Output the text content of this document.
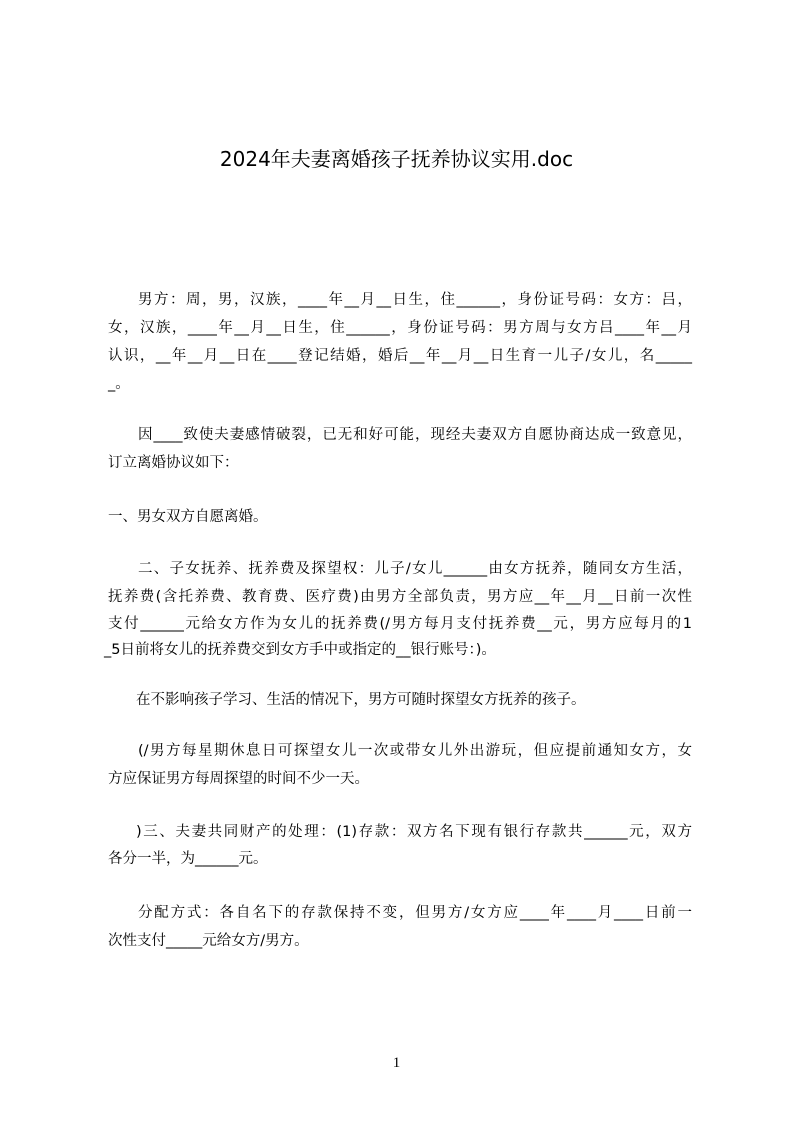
2024年夫妻离婚孩子抚养协议实用.doc
男方：周，男，汉族，____年__月__日生，住______，身份证号码：女方：吕，
女，汉族，____年__月__日生，住______，身份证号码：男方周与女方吕____年__月
认识，__年__月__日在____登记结婚，婚后__年__月__日生育一儿子/女儿，名_____
_。
因____致使夫妻感情破裂，已无和好可能，现经夫妻双方自愿协商达成一致意见，
订立离婚协议如下：
一、男女双方自愿离婚。
二、子女抚养、抚养费及探望权：儿子/女儿______由女方抚养，随同女方生活，
抚养费(含托养费、教育费、医疗费)由男方全部负责，男方应__年__月__日前一次性
支付______元给女方作为女儿的抚养费(/男方每月支付抚养费__元，男方应每月的1
_5日前将女儿的抚养费交到女方手中或指定的__银行账号：)。
在不影响孩子学习、生活的情况下，男方可随时探望女方抚养的孩子。
(/男方每星期休息日可探望女儿一次或带女儿外出游玩，但应提前通知女方，女
方应保证男方每周探望的时间不少一天。
)三、夫妻共同财产的处理：(1)存款：双方名下现有银行存款共______元，双方
各分一半，为______元。
分配方式：各自名下的存款保持不变，但男方/女方应____年____月____日前一
次性支付_____元给女方/男方。
1
